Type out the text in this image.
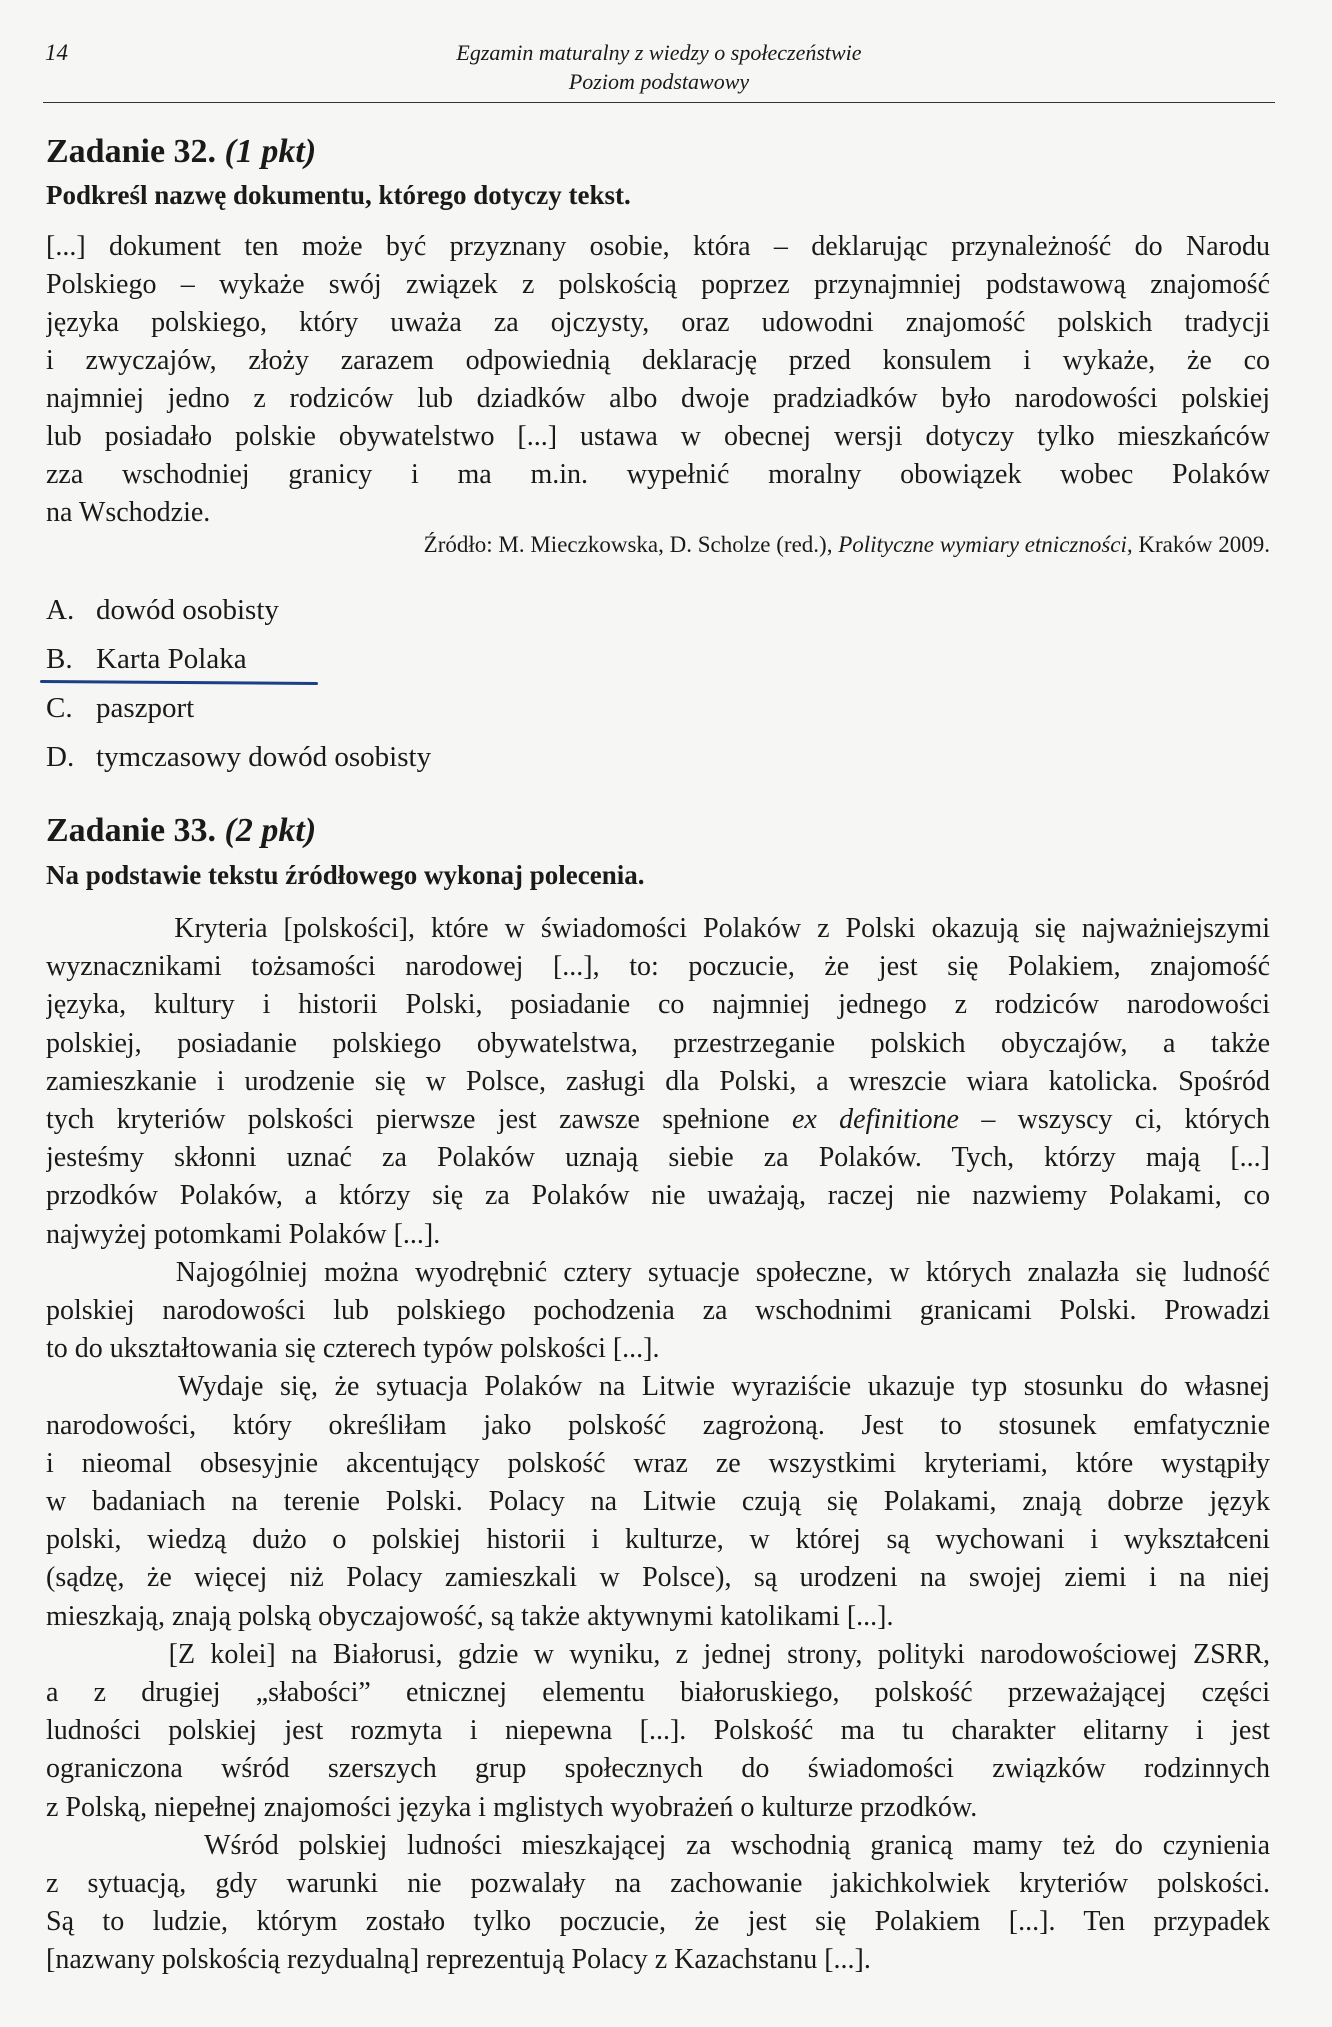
14	Egzamin maturalny z wiedzy o społeczeństwie
Poziom podstawowy
Zadanie 32. (1 pkt)
Podkreśl nazwę dokumentu, którego dotyczy tekst.
[...] dokument ten może być przyznany osobie, która – deklarując przynależność do Narodu
Polskiego – wykaże swój związek z polskością poprzez przynajmniej podstawową znajomość
języka polskiego, który uważa za ojczysty, oraz udowodni znajomość polskich tradycji
i zwyczajów, złoży zarazem odpowiednią deklarację przed konsulem i wykaże, że co
najmniej jedno z rodziców lub dziadków albo dwoje pradziadków było narodowości polskiej
lub posiadało polskie obywatelstwo [...] ustawa w obecnej wersji dotyczy tylko mieszkańców
zza wschodniej granicy i ma m.in. wypełnić moralny obowiązek wobec Polaków
na Wschodzie.
Źródło: M. Mieczkowska, D. Scholze (red.), Polityczne wymiary etniczności, Kraków 2009.
A. dowód osobisty
B. Karta Polaka
C. paszport
D. tymczasowy dowód osobisty
Zadanie 33. (2 pkt)
Na podstawie tekstu źródłowego wykonaj polecenia.
Kryteria [polskości], które w świadomości Polaków z Polski okazują się najważniejszymi
wyznacznikami tożsamości narodowej [...], to: poczucie, że jest się Polakiem, znajomość
języka, kultury i historii Polski, posiadanie co najmniej jednego z rodziców narodowości
polskiej, posiadanie polskiego obywatelstwa, przestrzeganie polskich obyczajów, a także
zamieszkanie i urodzenie się w Polsce, zasługi dla Polski, a wreszcie wiara katolicka. Spośród
tych kryteriów polskości pierwsze jest zawsze spełnione ex definitione – wszyscy ci, których
jesteśmy skłonni uznać za Polaków uznają siebie za Polaków. Tych, którzy mają [...]
przodków Polaków, a którzy się za Polaków nie uważają, raczej nie nazwiemy Polakami, co
najwyżej potomkami Polaków [...].
Najogólniej można wyodrębnić cztery sytuacje społeczne, w których znalazła się ludność
polskiej narodowości lub polskiego pochodzenia za wschodnimi granicami Polski. Prowadzi
to do ukształtowania się czterech typów polskości [...].
Wydaje się, że sytuacja Polaków na Litwie wyraziście ukazuje typ stosunku do własnej
narodowości, który określiłam jako polskość zagrożoną. Jest to stosunek emfatycznie
i nieomal obsesyjnie akcentujący polskość wraz ze wszystkimi kryteriami, które wystąpiły
w badaniach na terenie Polski. Polacy na Litwie czują się Polakami, znają dobrze język
polski, wiedzą dużo o polskiej historii i kulturze, w której są wychowani i wykształceni
(sądzę, że więcej niż Polacy zamieszkali w Polsce), są urodzeni na swojej ziemi i na niej
mieszkają, znają polską obyczajowość, są także aktywnymi katolikami [...].
[Z kolei] na Białorusi, gdzie w wyniku, z jednej strony, polityki narodowościowej ZSRR,
a z drugiej „słabości” etnicznej elementu białoruskiego, polskość przeważającej części
ludności polskiej jest rozmyta i niepewna [...]. Polskość ma tu charakter elitarny i jest
ograniczona wśród szerszych grup społecznych do świadomości związków rodzinnych
z Polską, niepełnej znajomości języka i mglistych wyobrażeń o kulturze przodków.
Wśród polskiej ludności mieszkającej za wschodnią granicą mamy też do czynienia
z sytuacją, gdy warunki nie pozwalały na zachowanie jakichkolwiek kryteriów polskości.
Są to ludzie, którym zostało tylko poczucie, że jest się Polakiem [...]. Ten przypadek
[nazwany polskością rezydualną] reprezentują Polacy z Kazachstanu [...].
